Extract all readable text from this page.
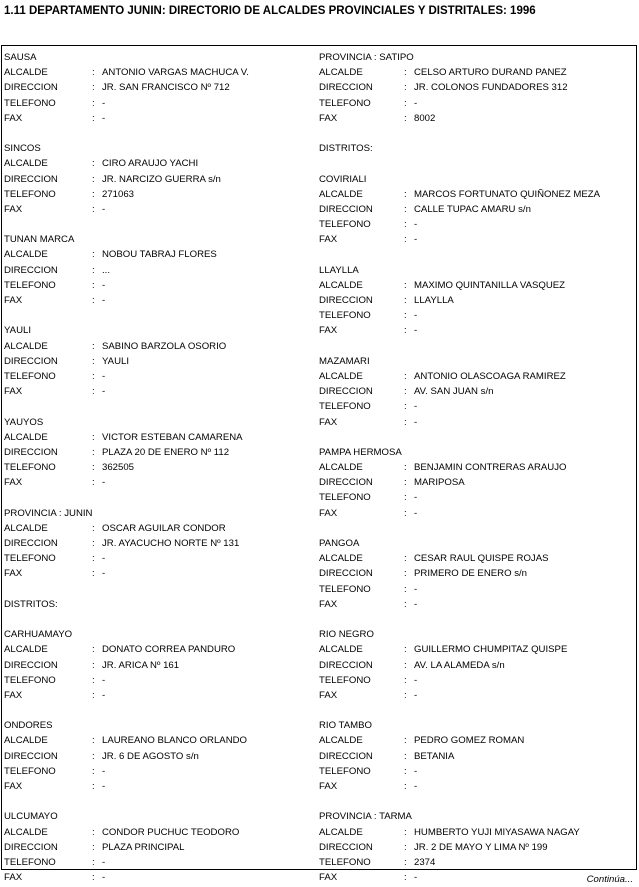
1.11 DEPARTAMENTO JUNIN: DIRECTORIO DE ALCALDES PROVINCIALES Y DISTRITALES: 1996
SAUSA
ALCALDE	: ANTONIO VARGAS MACHUCA V.
DIRECCION	: JR. SAN FRANCISCO Nº 712
TELEFONO	: -
FAX	: -
SINCOS
ALCALDE	: CIRO ARAUJO YACHI
DIRECCION	: JR. NARCIZO GUERRA s/n
TELEFONO	: 271063
FAX	: -
TUNAN MARCA
ALCALDE	: NOBOU TABRAJ FLORES
DIRECCION	: ...
TELEFONO	: -
FAX	: -
YAULI
ALCALDE	: SABINO BARZOLA OSORIO
DIRECCION	: YAULI
TELEFONO	: -
FAX	: -
YAUYOS
ALCALDE	: VICTOR ESTEBAN CAMARENA
DIRECCION	: PLAZA 20 DE ENERO Nº 112
TELEFONO	: 362505
FAX	: -
PROVINCIA : JUNIN
ALCALDE	: OSCAR AGUILAR CONDOR
DIRECCION	: JR. AYACUCHO NORTE Nº 131
TELEFONO	: -
FAX	: -
DISTRITOS:
CARHUAMAYO
ALCALDE	: DONATO CORREA PANDURO
DIRECCION	: JR. ARICA Nº 161
TELEFONO	: -
FAX	: -
ONDORES
ALCALDE	: LAUREANO BLANCO ORLANDO
DIRECCION	: JR. 6 DE AGOSTO s/n
TELEFONO	: -
FAX	: -
ULCUMAYO
ALCALDE	: CONDOR PUCHUC TEODORO
DIRECCION	: PLAZA PRINCIPAL
TELEFONO	: -
FAX	: -
PROVINCIA : SATIPO
ALCALDE	: CELSO ARTURO DURAND PANEZ
DIRECCION	: JR. COLONOS FUNDADORES 312
TELEFONO	: -
FAX	: 8002
DISTRITOS:
COVIRIALI
ALCALDE	: MARCOS FORTUNATO QUIÑONEZ MEZA
DIRECCION	: CALLE TUPAC AMARU s/n
TELEFONO	: -
FAX	: -
LLAYLLA
ALCALDE	: MAXIMO QUINTANILLA VASQUEZ
DIRECCION	: LLAYLLA
TELEFONO	: -
FAX	: -
MAZAMARI
ALCALDE	: ANTONIO OLASCOAGA RAMIREZ
DIRECCION	: AV. SAN JUAN s/n
TELEFONO	: -
FAX	: -
PAMPA HERMOSA
ALCALDE	: BENJAMIN CONTRERAS ARAUJO
DIRECCION	: MARIPOSA
TELEFONO	: -
FAX	: -
PANGOA
ALCALDE	: CESAR RAUL QUISPE ROJAS
DIRECCION	: PRIMERO DE ENERO s/n
TELEFONO	: -
FAX	: -
RIO NEGRO
ALCALDE	: GUILLERMO CHUMPITAZ QUISPE
DIRECCION	: AV. LA ALAMEDA s/n
TELEFONO	: -
FAX	: -
RIO TAMBO
ALCALDE	: PEDRO GOMEZ ROMAN
DIRECCION	: BETANIA
TELEFONO	: -
FAX	: -
PROVINCIA : TARMA
ALCALDE	: HUMBERTO YUJI MIYASAWA NAGAY
DIRECCION	: JR. 2 DE MAYO Y LIMA Nº 199
TELEFONO	: 2374
FAX	: -	Continúa...
